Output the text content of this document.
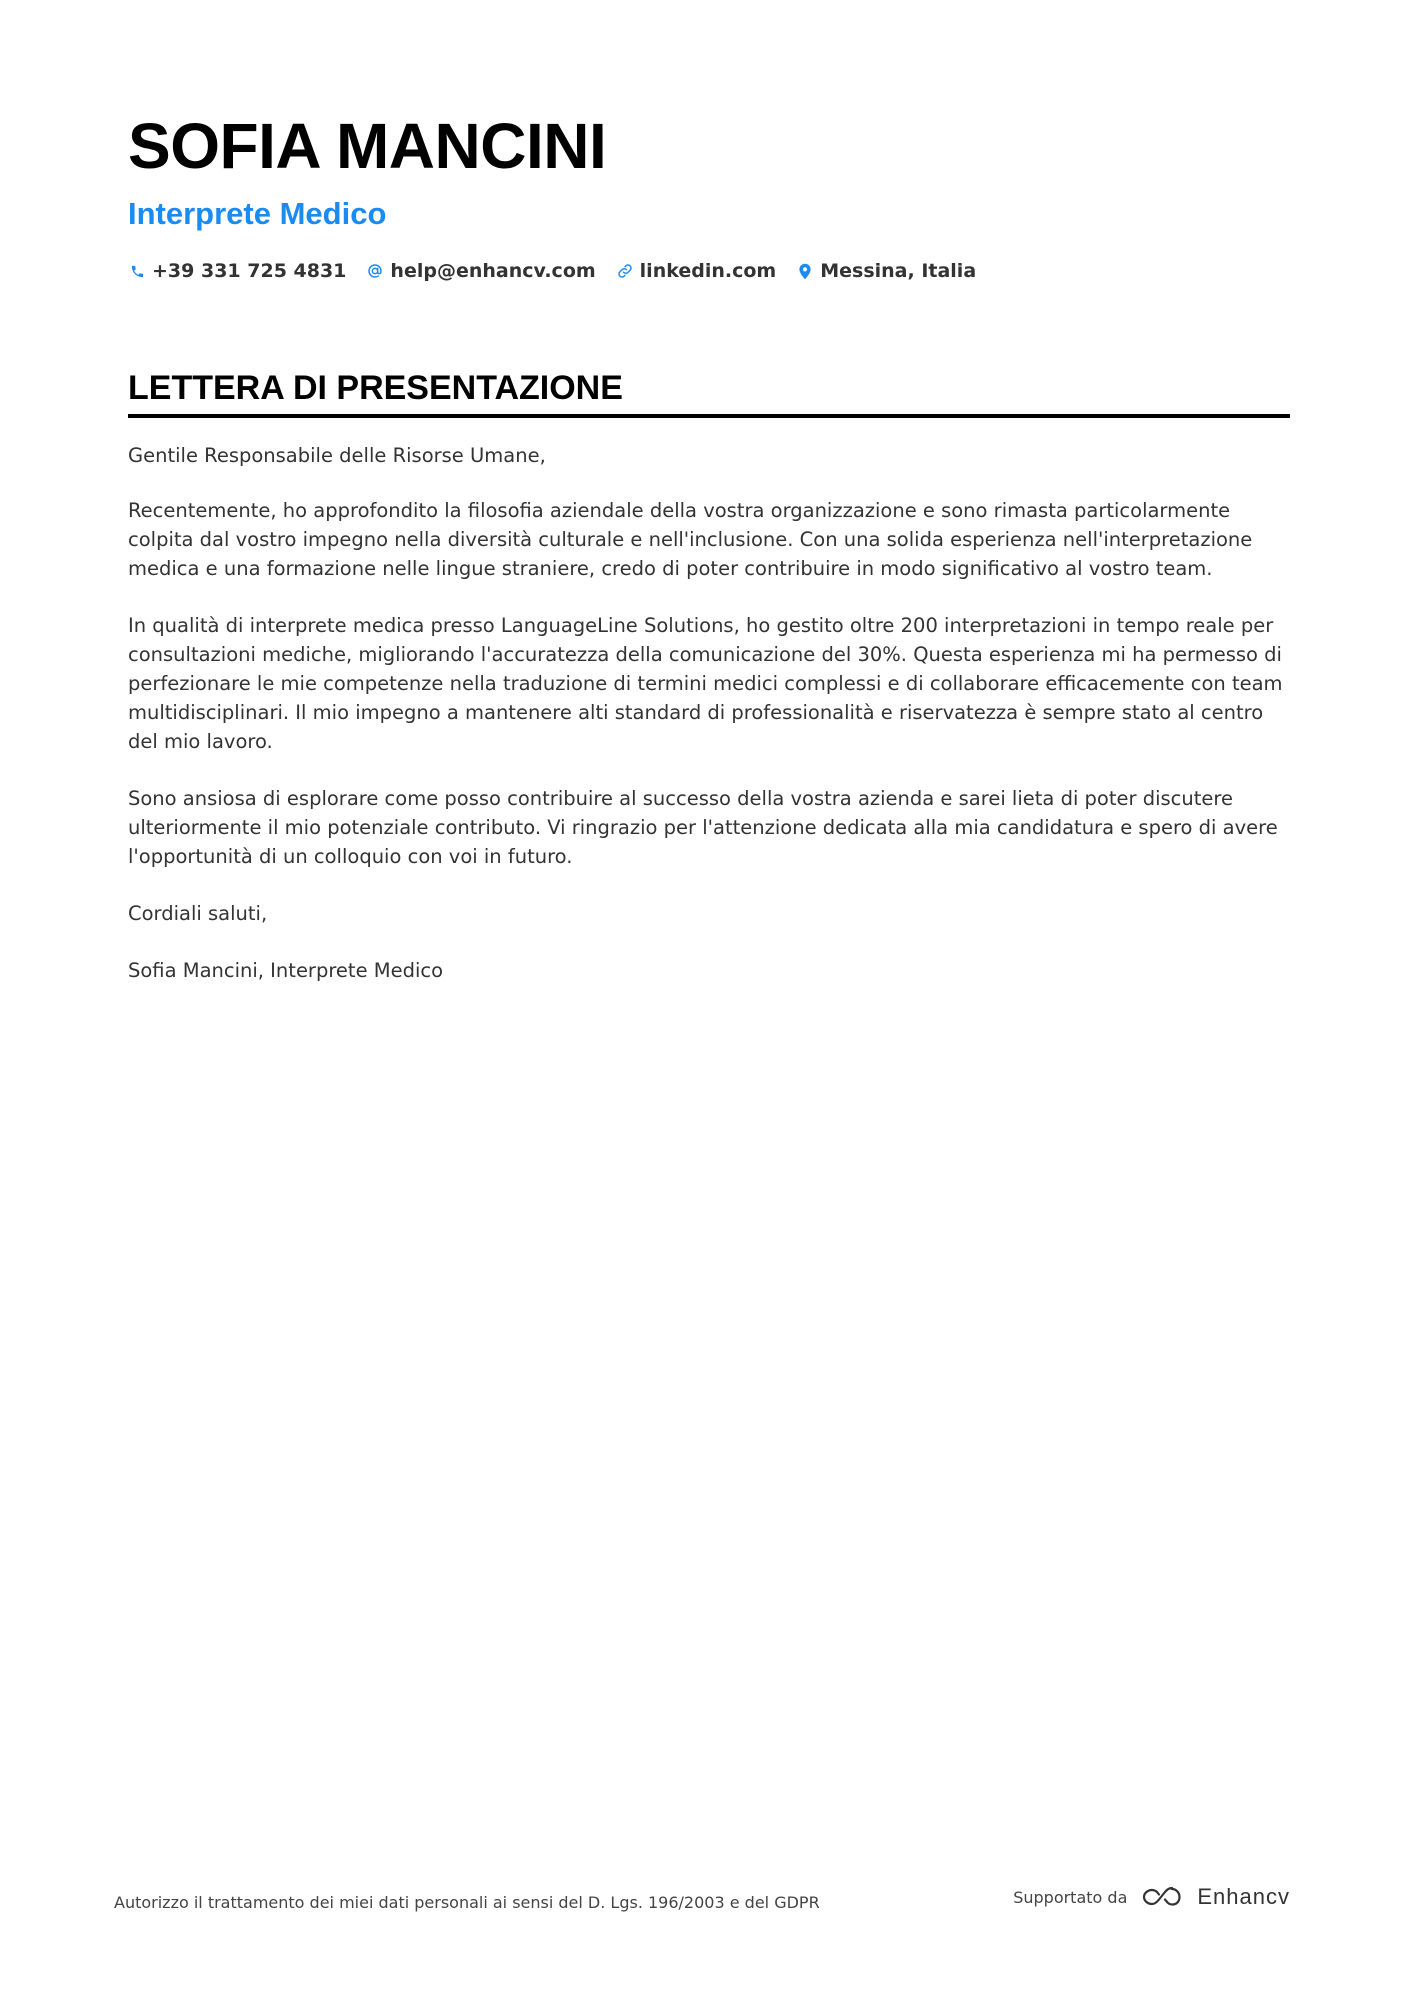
SOFIA MANCINI
Interprete Medico
+39 331 725 4831 help@enhancv.com linkedin.com Messina, Italia
LETTERA DI PRESENTAZIONE

Gentile Responsabile delle Risorse Umane,

Recentemente, ho approfondito la filosofia aziendale della vostra organizzazione e sono rimasta particolarmente colpita dal vostro impegno nella diversità culturale e nell'inclusione. Con una solida esperienza nell'interpretazione medica e una formazione nelle lingue straniere, credo di poter contribuire in modo significativo al vostro team.

In qualità di interprete medica presso LanguageLine Solutions, ho gestito oltre 200 interpretazioni in tempo reale per consultazioni mediche, migliorando l'accuratezza della comunicazione del 30%. Questa esperienza mi ha permesso di perfezionare le mie competenze nella traduzione di termini medici complessi e di collaborare efficacemente con team multidisciplinari. Il mio impegno a mantenere alti standard di professionalità e riservatezza è sempre stato al centro del mio lavoro.

Sono ansiosa di esplorare come posso contribuire al successo della vostra azienda e sarei lieta di poter discutere ulteriormente il mio potenziale contributo. Vi ringrazio per l'attenzione dedicata alla mia candidatura e spero di avere l'opportunità di un colloquio con voi in futuro.

Cordiali saluti,

Sofia Mancini, Interprete Medico

Autorizzo il trattamento dei miei dati personali ai sensi del D. Lgs. 196/2003 e del GDPR	Supportato da	Enhancv
